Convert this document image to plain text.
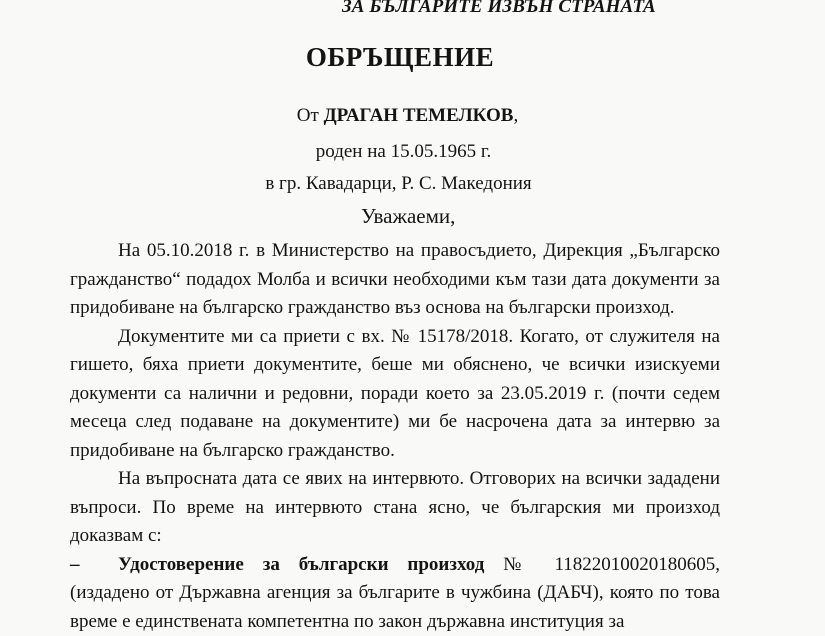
ЗА БЪЛГАРИТЕ ИЗВЪН СТРАНАТА
ОБРЪЩЕНИЕ
От ДРАГАН ТЕМЕЛКОВ,
роден на 15.05.1965 г.
в гр. Кавадарци, Р. С. Македония
Уважаеми,

На 05.10.2018 г. в Министерство на правосъдието, Дирекция „Българско гражданство“ подадох Молба и всички необходими към тази дата документи за придобиване на българско гражданство въз основа на български произход.

Документите ми са приети с вх. № 15178/2018. Когато, от служителя на гишето, бяха приети документите, беше ми обяснено, че всички изискуеми документи са налични и редовни, поради което за 23.05.2019 г. (почти седем месеца след подаване на документите) ми бе насрочена дата за интервю за придобиване на българско гражданство.

На въпросната дата се явих на интервюто. Отговорих на всички зададени въпроси. По време на интервюто стана ясно, че българския ми произход доказвам с:

–	Удостоверение за български произход № 11822010020180605,

(издадено от Държавна агенция за българите в чужбина (ДАБЧ), която по това време е единствената компетентна по закон държавна институция за
